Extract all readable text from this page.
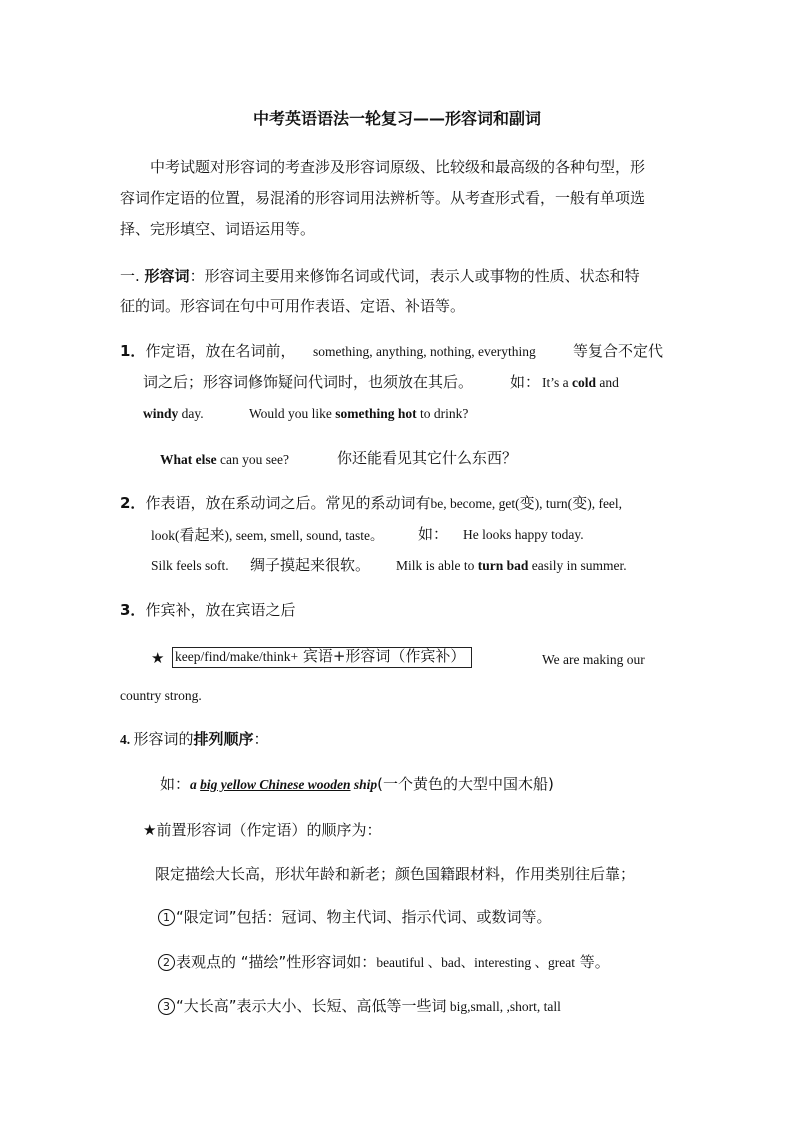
中考英语语法一轮复习——形容词和副词
中考试题对形容词的考查涉及形容词原级、比较级和最高级的各种句型，形
容词作定语的位置，易混淆的形容词用法辨析等。从考查形式看，一般有单项选
择、完形填空、词语运用等。
一. 形容词：形容词主要用来修饰名词或代词，表示人或事物的性质、状态和特
征的词。形容词在句中可用作表语、定语、补语等。
1．作定语，放在名词前， something, anything, nothing, everything 等复合不定代
词之后；形容词修饰疑问代词时，也须放在其后。 如： It’s a cold and
windy day.	Would you like something hot to drink?
What else can you see?	你还能看见其它什么东西？
2．作表语，放在系动词之后。常见的系动词有be, become, get(变), turn(变), feel,
look(看起来), seem, smell, sound, taste。 如： He looks happy today.
Silk feels soft. 绸子摸起来很软。 Milk is able to turn bad easily in summer.
3．作宾补，放在宾语之后
★ keep/find/make/think+ 宾语+形容词（作宾补）	We are making our
country strong.
4. 形容词的排列顺序：
如：a big yellow Chinese wooden ship(一个黄色的大型中国木船)
★前置形容词（作定语）的顺序为：
限定描绘大长高，形状年龄和新老；颜色国籍跟材料，作用类别往后靠；
1 “限定词”包括：冠词、物主代词、指示代词、或数词等。
2 表观点的 “描绘”性形容词如：beautiful 、bad、interesting 、great 等。
3 “大长高”表示大小、长短、高低等一些词 big,small, ,short, tall
